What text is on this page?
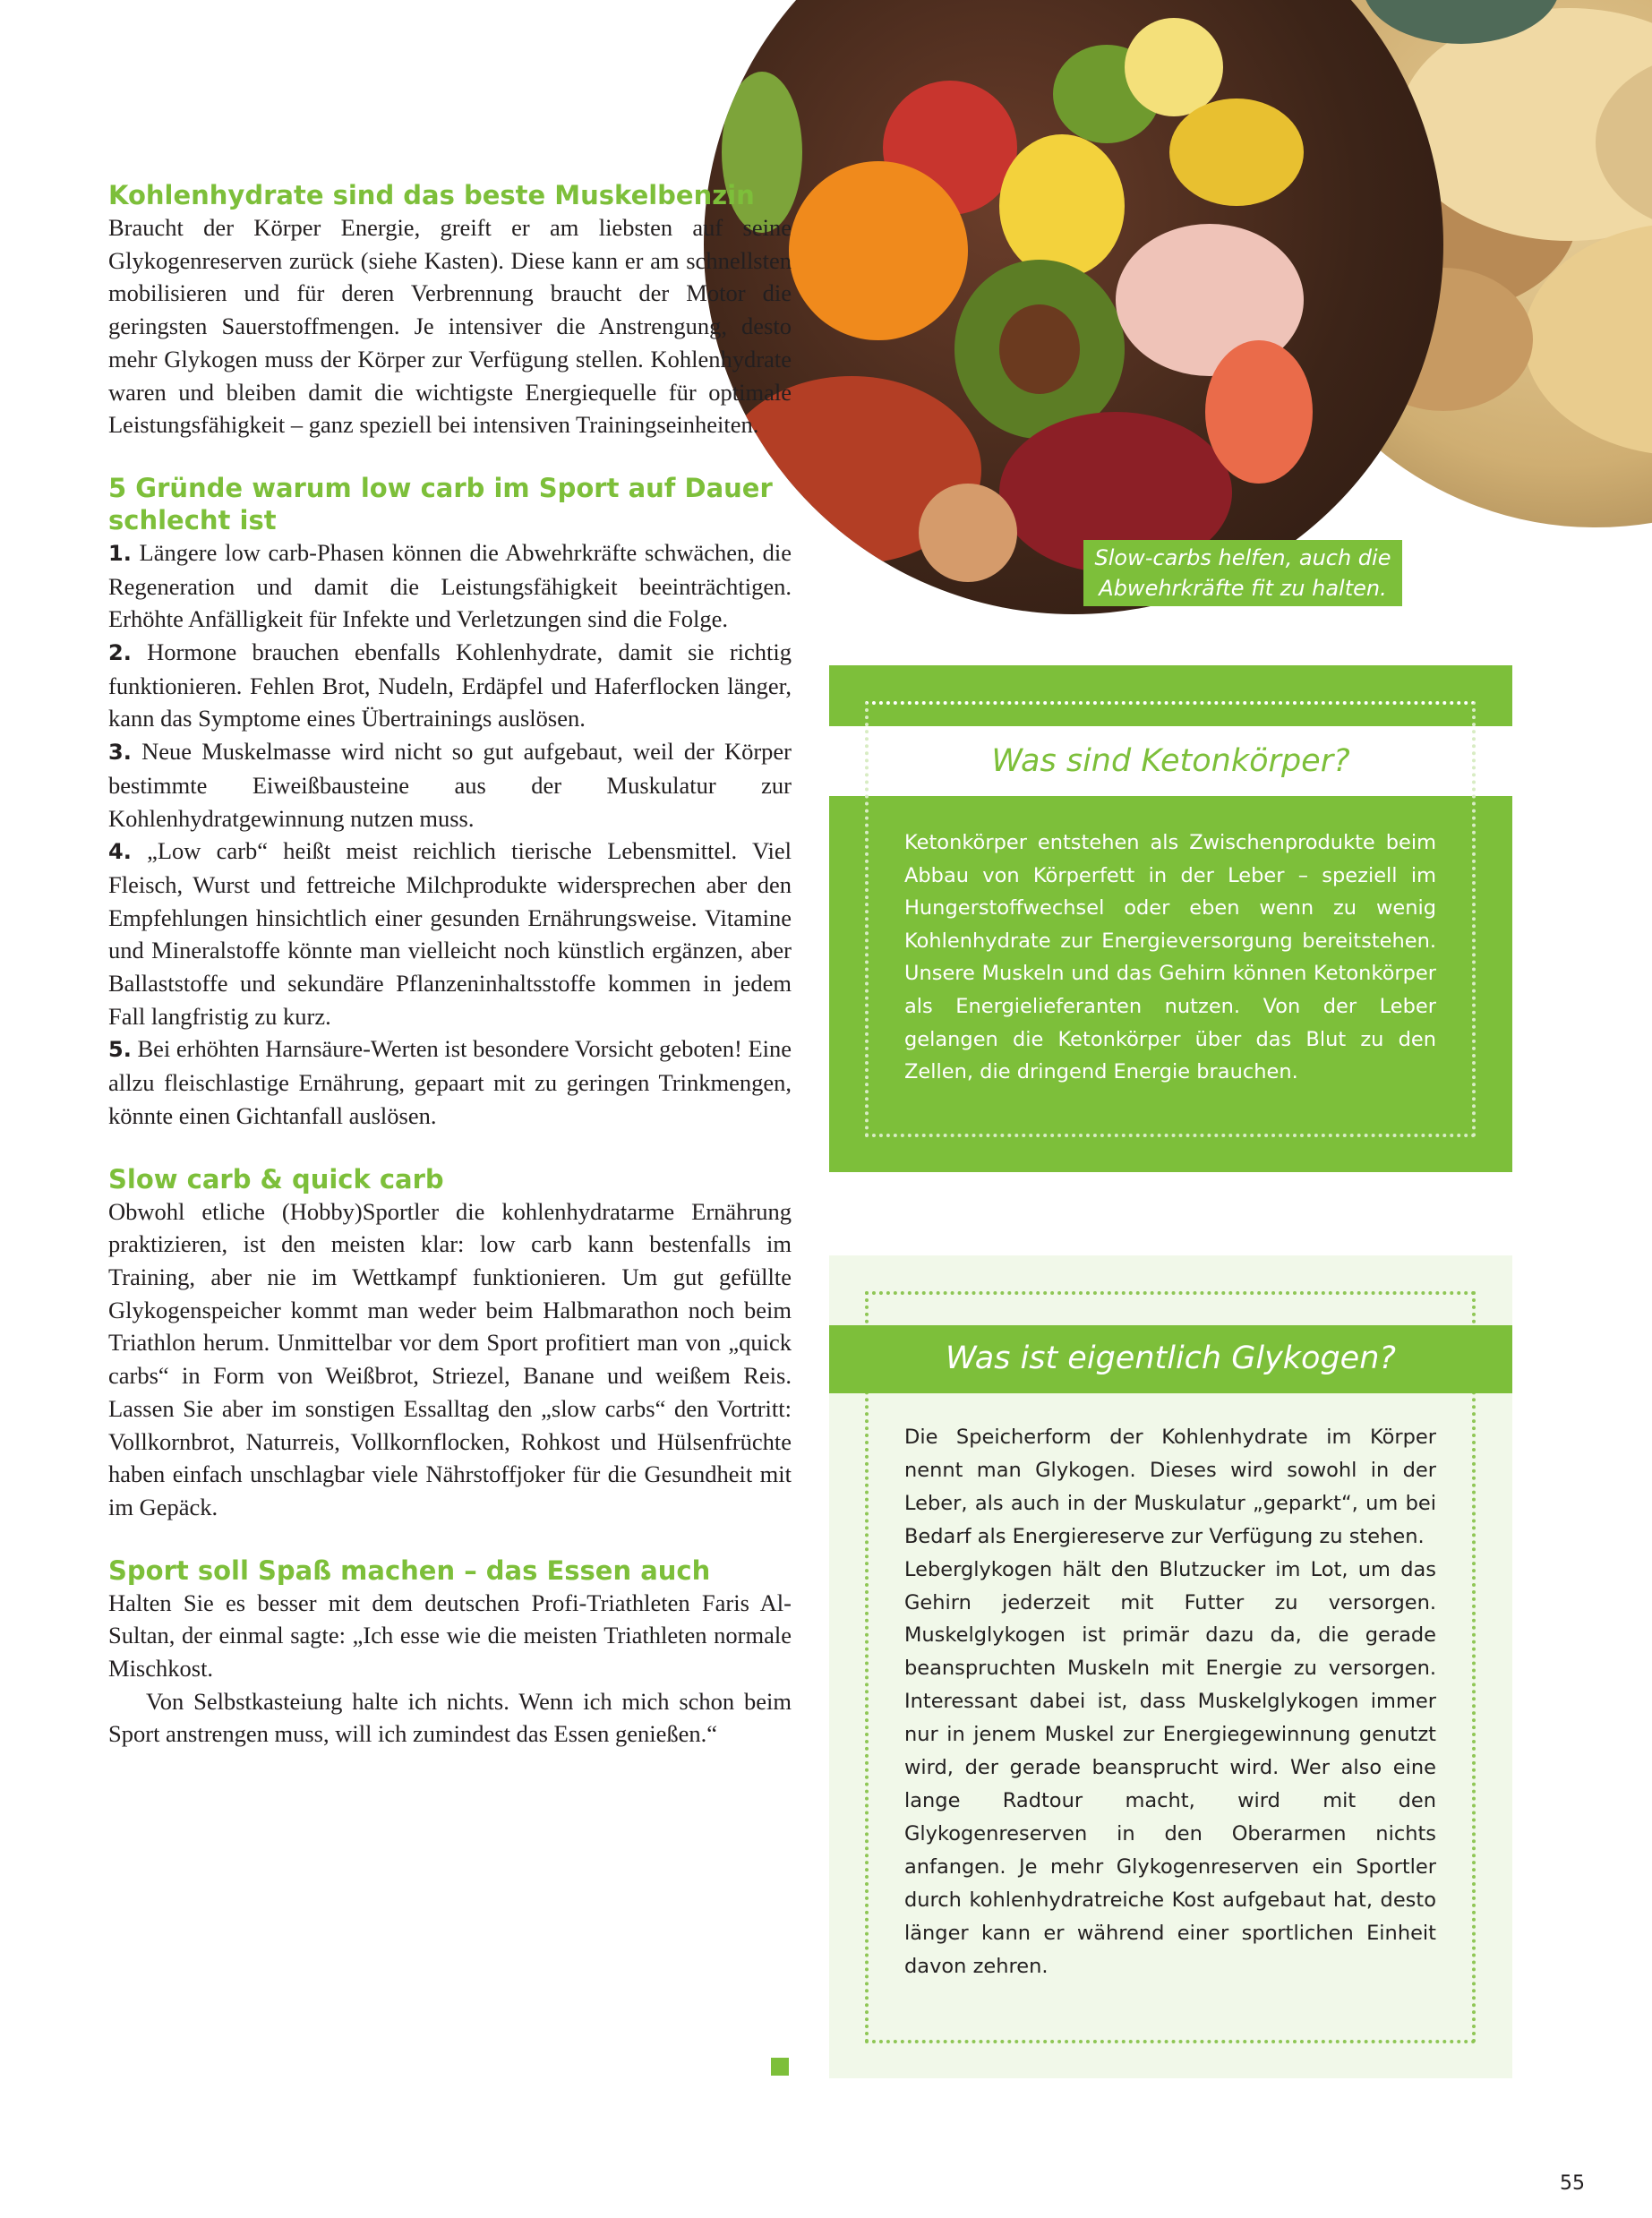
Slow-carbs helfen, auch die
Abwehrkräfte fit zu halten.
Kohlenhydrate sind das beste Muskelbenzin

Braucht der Körper Energie, greift er am liebsten auf seine Glykogenreserven zurück (siehe Kasten). Diese kann er am schnellsten mobilisieren und für deren Verbrennung braucht der Motor die geringsten Sauerstoffmengen. Je intensiver die Anstrengung, desto mehr Glykogen muss der Körper zur Verfügung stellen. Kohlenhydrate waren und bleiben damit die wichtigste Energiequelle für optimale Leistungsfähigkeit – ganz speziell bei intensiven Trainingseinheiten.

5 Gründe warum low carb im Sport auf Dauer schlecht ist

1. Längere low carb-Phasen können die Abwehrkräfte schwächen, die Regeneration und damit die Leistungsfähigkeit beeinträchtigen. Erhöhte Anfälligkeit für Infekte und Verletzungen sind die Folge.

2. Hormone brauchen ebenfalls Kohlenhydrate, damit sie richtig funktionieren. Fehlen Brot, Nudeln, Erdäpfel und Haferflocken länger, kann das Symptome eines Übertrainings auslösen.

3. Neue Muskelmasse wird nicht so gut aufgebaut, weil der Körper bestimmte Eiweißbausteine aus der Muskulatur zur Kohlenhydratgewinnung nutzen muss.

4. „Low carb“ heißt meist reichlich tierische Lebensmittel. Viel Fleisch, Wurst und fettreiche Milchprodukte widersprechen aber den Empfehlungen hinsichtlich einer gesunden Ernährungsweise. Vitamine und Mineralstoffe könnte man vielleicht noch künstlich ergänzen, aber Ballaststoffe und sekundäre Pflanzeninhaltsstoffe kommen in jedem Fall langfristig zu kurz.

5. Bei erhöhten Harnsäure-Werten ist besondere Vorsicht geboten! Eine allzu fleischlastige Ernährung, gepaart mit zu geringen Trinkmengen, könnte einen Gichtanfall auslösen.

Slow carb & quick carb

Obwohl etliche (Hobby)Sportler die kohlenhydratarme Ernährung praktizieren, ist den meisten klar: low carb kann bestenfalls im Training, aber nie im Wettkampf funktionieren. Um gut gefüllte Glykogenspeicher kommt man weder beim Halbmarathon noch beim Triathlon herum. Unmittelbar vor dem Sport profitiert man von „quick carbs“ in Form von Weißbrot, Striezel, Banane und weißem Reis. Lassen Sie aber im sonstigen Essalltag den „slow carbs“ den Vortritt: Vollkornbrot, Naturreis, Vollkornflocken, Rohkost und Hülsenfrüchte haben einfach unschlagbar viele Nährstoffjoker für die Gesundheit mit im Gepäck.

Sport soll Spaß machen – das Essen auch

Halten Sie es besser mit dem deutschen Profi-Triathleten Faris Al-Sultan, der einmal sagte: „Ich esse wie die meisten Triathleten normale Mischkost.

Von Selbstkasteiung halte ich nichts. Wenn ich mich schon beim Sport anstrengen muss, will ich zumindest das Essen genießen.“

Was sind Ketonkörper?
Ketonkörper entstehen als Zwischenprodukte beim Abbau von Körperfett in der Leber – speziell im Hungerstoffwechsel oder eben wenn zu wenig Kohlenhydrate zur Energieversorgung bereitstehen. Unsere Muskeln und das Gehirn können Ketonkörper als Energielieferanten nutzen. Von der Leber gelangen die Ketonkörper über das Blut zu den Zellen, die dringend Energie brauchen.
Was ist eigentlich Glykogen?
Die Speicherform der Kohlenhydrate im Körper nennt man Glykogen. Dieses wird sowohl in der Leber, als auch in der Muskulatur „geparkt“, um bei Bedarf als Energiereserve zur Verfügung zu stehen.
Leberglykogen hält den Blutzucker im Lot, um das Gehirn jederzeit mit Futter zu versorgen. Muskelglykogen ist primär dazu da, die gerade beanspruchten Muskeln mit Energie zu versorgen. Interessant dabei ist, dass Muskelglykogen immer nur in jenem Muskel zur Energiegewinnung genutzt wird, der gerade beansprucht wird. Wer also eine lange Radtour macht, wird mit den Glykogenreserven in den Oberarmen nichts anfangen. Je mehr Glykogenreserven ein Sportler durch kohlenhydratreiche Kost aufgebaut hat, desto länger kann er während einer sportlichen Einheit davon zehren.
55
